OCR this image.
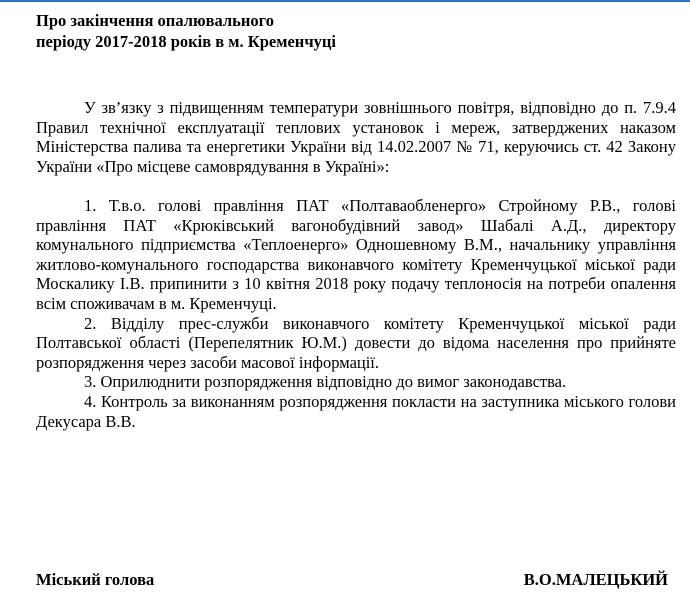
Про закінчення опалювального
періоду 2017-2018 років в м. Кременчуці

У зв’язку з підвищенням температури зовнішнього повітря, відповідно до п. 7.9.4 Правил технічної експлуатації теплових установок і мереж, затверджених наказом Міністерства палива та енергетики України від 14.02.2007 № 71, керуючись ст. 42 Закону України «Про місцеве самоврядування в Україні»:

1. Т.в.о. голові правління ПАТ «Полтаваобленерго» Стройному Р.В., голові правління ПАТ «Крюківський вагонобудівний завод» Шабалі А.Д., директору комунального підприємства «Теплоенерго» Одношевному В.М., начальнику управління житлово-комунального господарства виконавчого комітету Кременчуцької міської ради Москалику І.В. припинити з 10 квітня 2018 року подачу теплоносія на потреби опалення всім споживачам в м. Кременчуці.

2. Відділу прес-служби виконавчого комітету Кременчуцької міської ради Полтавської області (Перепелятник Ю.М.) довести до відома населення про прийняте розпорядження через засоби масової інформації.

3. Оприлюднити розпорядження відповідно до вимог законодавства.

4. Контроль за виконанням розпорядження покласти на заступника міського голови Декусара В.В.

Міський голова	В.О.МАЛЕЦЬКИЙ
